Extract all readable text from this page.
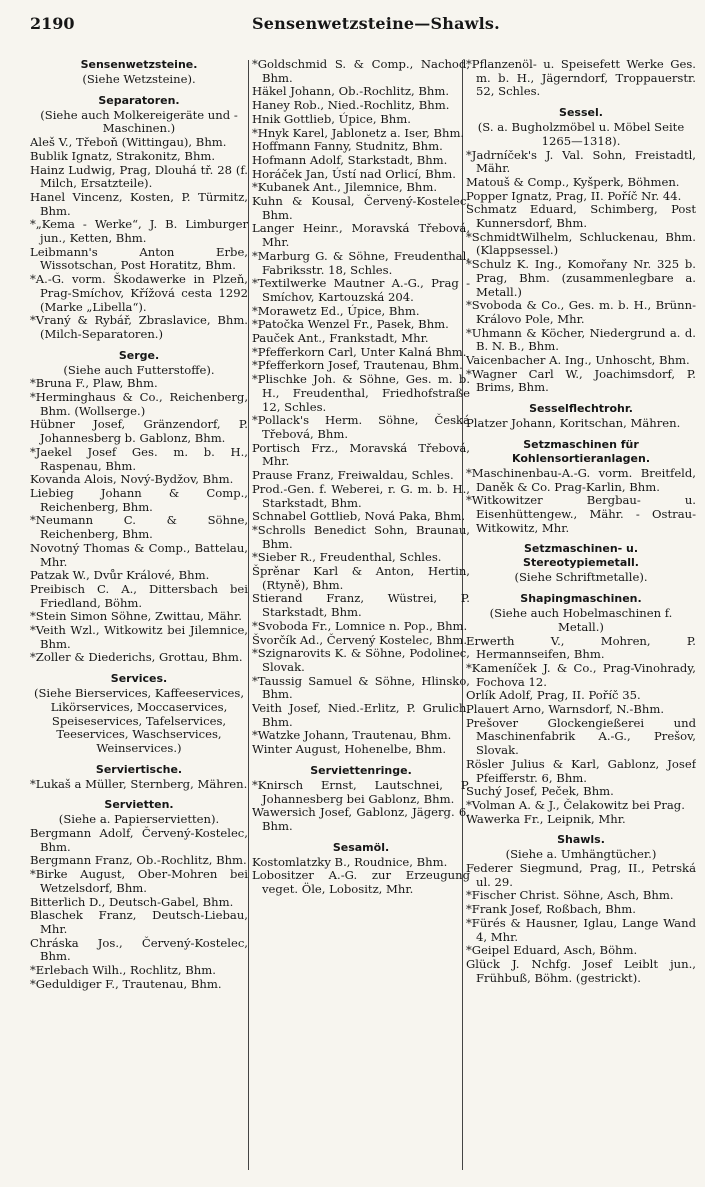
2190	Sensenwetzsteine—Shawls.
Sensenwetzsteine.
(Siehe Wetzsteine).
Separatoren.
(Siehe auch Molkereigeräte und -Maschinen.)
Aleš V., Třeboň (Wittingau), Bhm.
Bublik Ignatz, Strakonitz, Bhm.
Hainz Ludwig, Prag, Dlouhá tř. 28 (f. Milch, Ersatzteile).
Hanel Vincenz, Kosten, P. Türmitz, Bhm.
*„Kema - Werke“, J. B. Limburger jun., Ketten, Bhm.
Leibmann's Anton Erbe, Wissotschan, Post Horatitz, Bhm.
*A.-G. vorm. Škodawerke in Plzeň, Prag-Smíchov, Křížová cesta 1292 (Marke „Libella“).
*Vraný & Rybář, Zbraslavice, Bhm. (Milch-Separatoren.)
Serge.
(Siehe auch Futterstoffe).
*Bruna F., Plaw, Bhm.
*Herminghaus & Co., Reichenberg, Bhm. (Wollserge.)
Hübner Josef, Gränzendorf, P. Johannesberg b. Gablonz, Bhm.
*Jaekel Josef Ges. m. b. H., Raspenau, Bhm.
Kovanda Alois, Nový-Bydžov, Bhm.
Liebieg Johann & Comp., Reichenberg, Bhm.
*Neumann C. & Söhne, Reichenberg, Bhm.
Novotný Thomas & Comp., Battelau, Mhr.
Patzak W., Dvůr Králové, Bhm.
Preibisch C. A., Dittersbach bei Friedland, Böhm.
*Stein Simon Söhne, Zwittau, Mähr.
*Veith Wzl., Witkowitz bei Jilemnice, Bhm.
*Zoller & Diederichs, Grottau, Bhm.
Services.
(Siehe Bierservices, Kaffeeservices, Likörservices, Moccaservices, Speiseservices, Tafelservices, Teeservices, Waschservices, Weinservices.)
Serviertische.
*Lukaš a Müller, Sternberg, Mähren.
Servietten.
(Siehe a. Papierservietten).
Bergmann Adolf, Červený-Kostelec, Bhm.
Bergmann Franz, Ob.-Rochlitz, Bhm.
*Birke August, Ober-Mohren bei Wetzelsdorf, Bhm.
Bitterlich D., Deutsch-Gabel, Bhm.
Blaschek Franz, Deutsch-Liebau, Mhr.
Chráska Jos., Červený-Kostelec, Bhm.
*Erlebach Wilh., Rochlitz, Bhm.
*Geduldiger F., Trautenau, Bhm.
*Goldschmid S. & Comp., Nachod, Bhm.
Häkel Johann, Ob.-Rochlitz, Bhm.
Haney Rob., Nied.-Rochlitz, Bhm.
Hnik Gottlieb, Úpice, Bhm.
*Hnyk Karel, Jablonetz a. Iser, Bhm.
Hoffmann Fanny, Studnitz, Bhm.
Hofmann Adolf, Starkstadt, Bhm.
Horáček Jan, Ústí nad Orlicí, Bhm.
*Kubanek Ant., Jilemnice, Bhm.
Kuhn & Kousal, Červený-Kostelec, Bhm.
Langer Heinr., Moravská Třebová, Mhr.
*Marburg G. & Söhne, Freudenthal, Fabriksstr. 18, Schles.
*Textilwerke Mautner A.-G., Prag - Smíchov, Kartouzská 204.
*Morawetz Ed., Úpice, Bhm.
*Patočka Wenzel Fr., Pasek, Bhm.
Pauček Ant., Frankstadt, Mhr.
*Pfefferkorn Carl, Unter Kalná Bhm.
*Pfefferkorn Josef, Trautenau, Bhm.
*Plischke Joh. & Söhne, Ges. m. b. H., Freudenthal, Friedhofstraße 12, Schles.
*Pollack's Herm. Söhne, Česká Třebová, Bhm.
Portisch Frz., Moravská Třebová, Mhr.
Prause Franz, Freiwaldau, Schles.
Prod.-Gen. f. Weberei, r. G. m. b. H., Starkstadt, Bhm.
Schnabel Gottlieb, Nová Paka, Bhm.
*Schrolls Benedict Sohn, Braunau, Bhm.
*Sieber R., Freudenthal, Schles.
Šprěnar Karl & Anton, Hertin, (Rtyně), Bhm.
Stierand Franz, Wüstrei, P. Starkstadt, Bhm.
*Svoboda Fr., Lomnice n. Pop., Bhm.
Švorčík Ad., Červený Kostelec, Bhm.
*Szignarovits K. & Söhne, Podolinec, Slovak.
*Taussig Samuel & Söhne, Hlinsko, Bhm.
Veith Josef, Nied.-Erlitz, P. Grulich, Bhm.
*Watzke Johann, Trautenau, Bhm.
Winter August, Hohenelbe, Bhm.
Serviettenringe.
*Knirsch Ernst, Lautschnei, P. Johannesberg bei Gablonz, Bhm.
Wawersich Josef, Gablonz, Jägerg. 6, Bhm.
Sesamöl.
Kostomlatzky B., Roudnice, Bhm.
Lobositzer A.-G. zur Erzeugung veget. Öle, Lobositz, Mhr.
*Pflanzenöl- u. Speisefett Werke Ges. m. b. H., Jägerndorf, Troppauerstr. 52, Schles.
Sessel.
(S. a. Bugholzmöbel u. Möbel Seite 1265—1318).
*Jadrníček's J. Val. Sohn, Freistadtl, Mähr.
Matouš & Comp., Kyšperk, Böhmen.
Popper Ignatz, Prag, II. Poříč Nr. 44.
Schmatz Eduard, Schimberg, Post Kunnersdorf, Bhm.
*SchmidtWilhelm, Schluckenau, Bhm. (Klappsessel.)
*Schulz K. Ing., Komořany Nr. 325 b. Prag, Bhm. (zusammenlegbare a. Metall.)
*Svoboda & Co., Ges. m. b. H., Brünn-Královo Pole, Mhr.
*Uhmann & Köcher, Niedergrund a. d. B. N. B., Bhm.
Vaicenbacher A. Ing., Unhoscht, Bhm.
*Wagner Carl W., Joachimsdorf, P. Brims, Bhm.
Sesselflechtrohr.
Platzer Johann, Koritschan, Mähren.
Setzmaschinen für Kohlensortieranlagen.
*Maschinenbau-A.-G. vorm. Breitfeld, Daněk & Co. Prag-Karlin, Bhm.
*Witkowitzer Bergbau- u. Eisenhüttengew., Mähr. - Ostrau-Witkowitz, Mhr.
Setzmaschinen- u. Stereotypiemetall.
(Siehe Schriftmetalle).
Shapingmaschinen.
(Siehe auch Hobelmaschinen f. Metall.)
Erwerth V., Mohren, P. Hermannseifen, Bhm.
*Kameníček J. & Co., Prag-Vinohrady, Fochova 12.
Orlík Adolf, Prag, II. Poříč 35.
Plauert Arno, Warnsdorf, N.-Bhm.
Prešover Glockengießerei und Maschinenfabrik A.-G., Prešov, Slovak.
Rösler Julius & Karl, Gablonz, Josef Pfeifferstr. 6, Bhm.
Suchý Josef, Peček, Bhm.
*Volman A. & J., Čelakowitz bei Prag.
Wawerka Fr., Leipnik, Mhr.
Shawls.
(Siehe a. Umhängtücher.)
Federer Siegmund, Prag, II., Petrská ul. 29.
*Fischer Christ. Söhne, Asch, Bhm.
*Frank Josef, Roßbach, Bhm.
*Fürés & Hausner, Iglau, Lange Wand 4, Mhr.
*Geipel Eduard, Asch, Böhm.
Glück J. Nchfg. Josef Leiblt jun., Frühbuß, Böhm. (gestrickt).
